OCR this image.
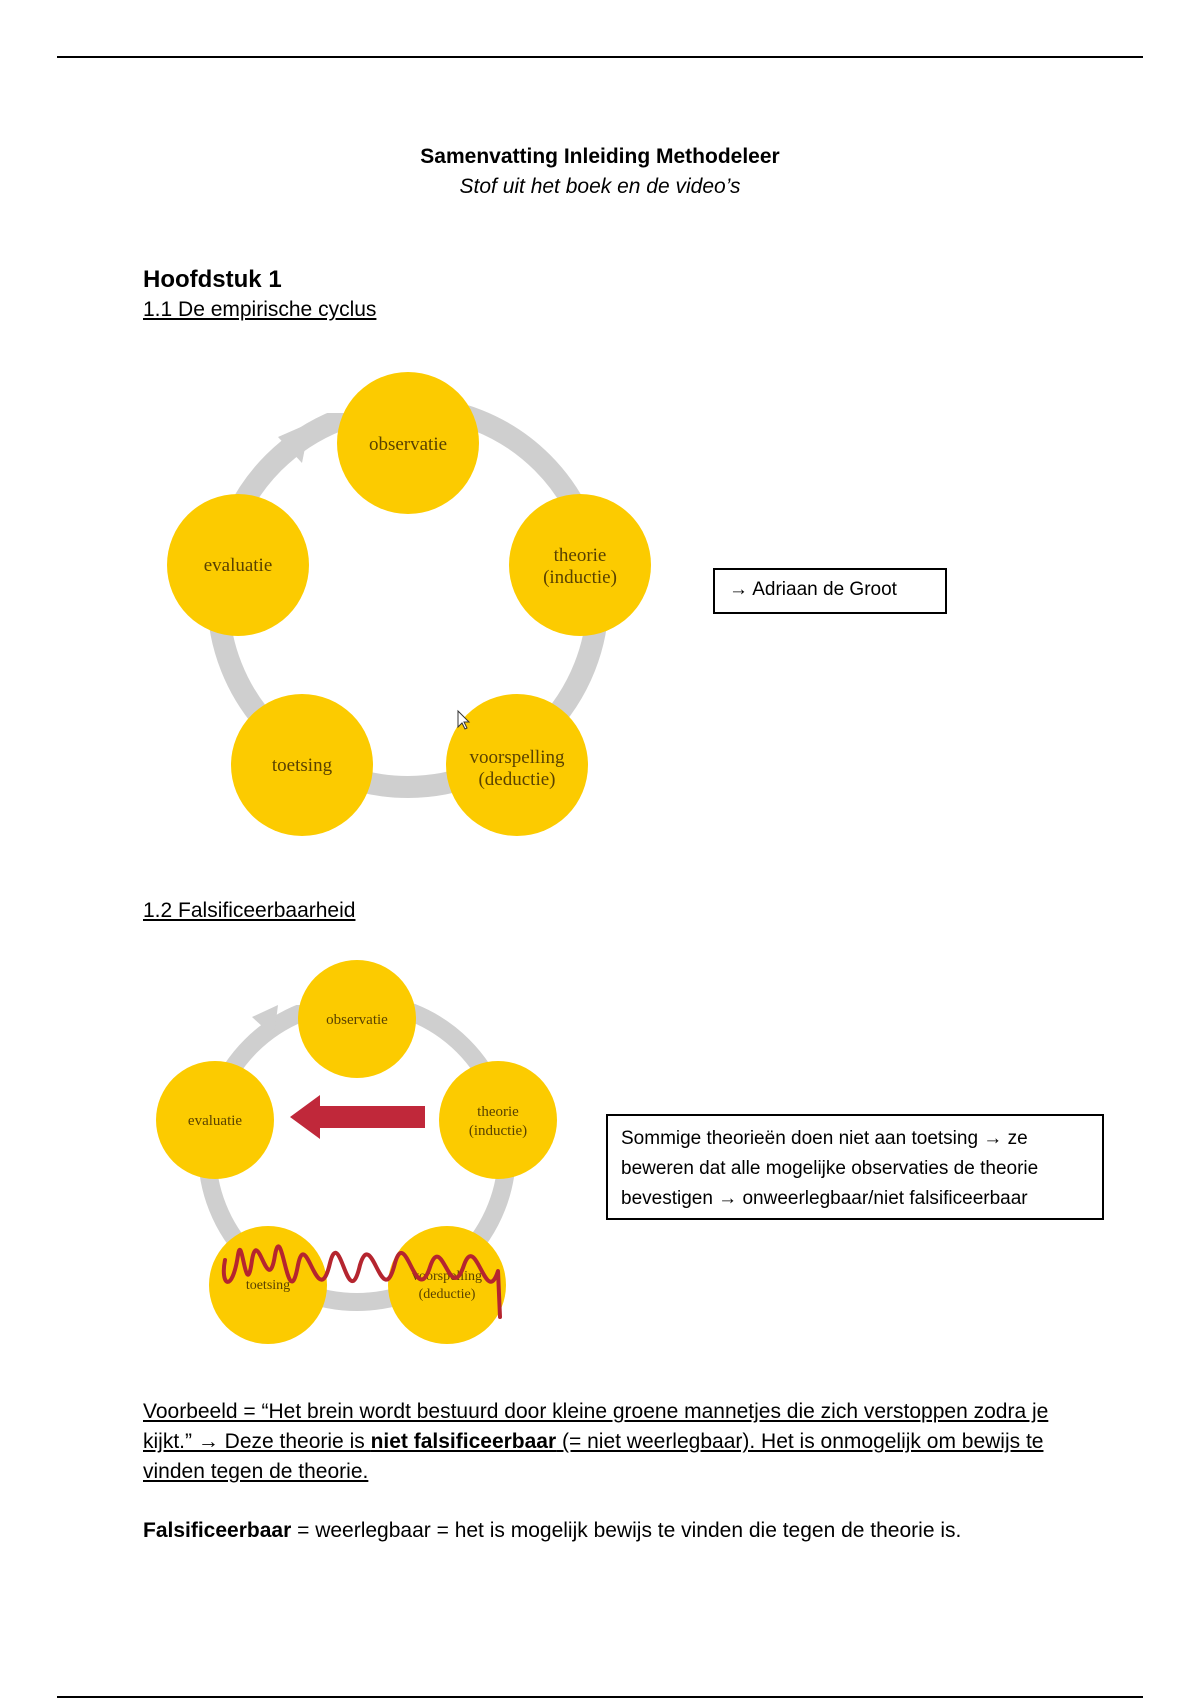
Samenvatting Inleiding Methodeleer
Stof uit het boek en de video’s
Hoofdstuk 1
1.1 De empirische cyclus
observatie
theorie
(inductie)
voorspelling
(deductie)
toetsing
evaluatie
→ Adriaan de Groot
1.2 Falsificeerbaarheid
observatie
theorie
(inductie)
evaluatie
toetsing
voorspelling
(deductie)
Sommige theorieën doen niet aan toetsing → ze beweren dat alle mogelijke observaties de theorie bevestigen → onweerlegbaar/niet falsificeerbaar
Voorbeeld = “Het brein wordt bestuurd door kleine groene mannetjes die zich verstoppen zodra je kijkt.” → Deze theorie is niet falsificeerbaar (= niet weerlegbaar). Het is onmogelijk om bewijs te vinden tegen de theorie.
Falsificeerbaar = weerlegbaar = het is mogelijk bewijs te vinden die tegen de theorie is.
